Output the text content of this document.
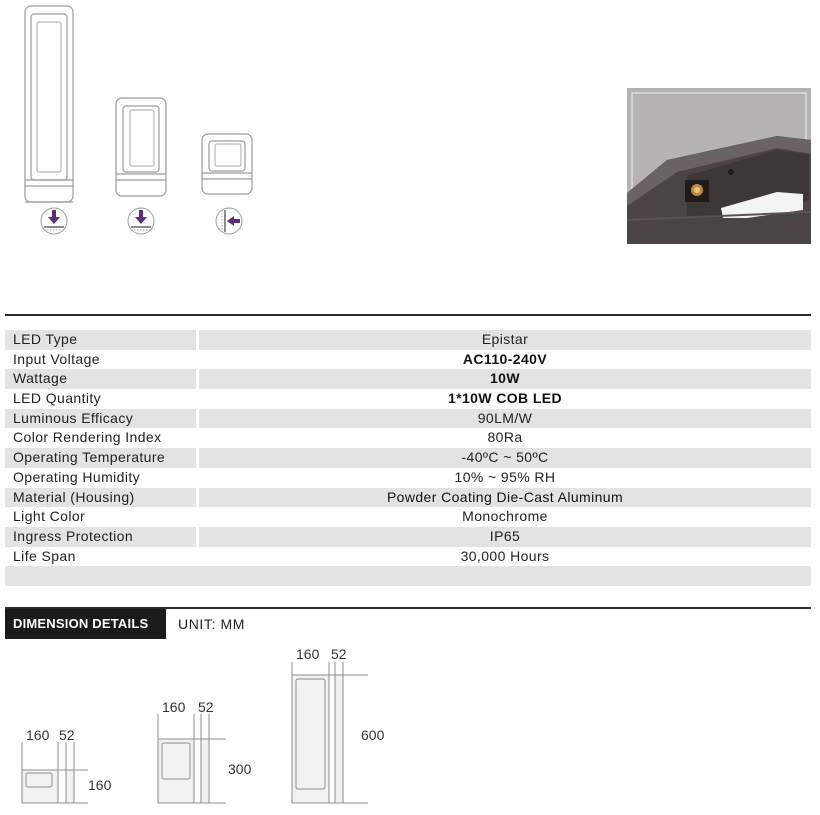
LED Type	Epistar
Input Voltage	AC110-240V
Wattage	10W
LED Quantity	1*10W COB LED
Luminous Efficacy	90LM/W
Color Rendering Index	80Ra
Operating Temperature	-40ºC ~ 50ºC
Operating Humidity	10% ~ 95% RH
Material (Housing)	Powder Coating Die-Cast Aluminum
Light Color	Monochrome
Ingress Protection	IP65
Life Span	30,000 Hours
DIMENSION DETAILS	UNIT: MM
160 52
160
160 52
300
160 52
600
